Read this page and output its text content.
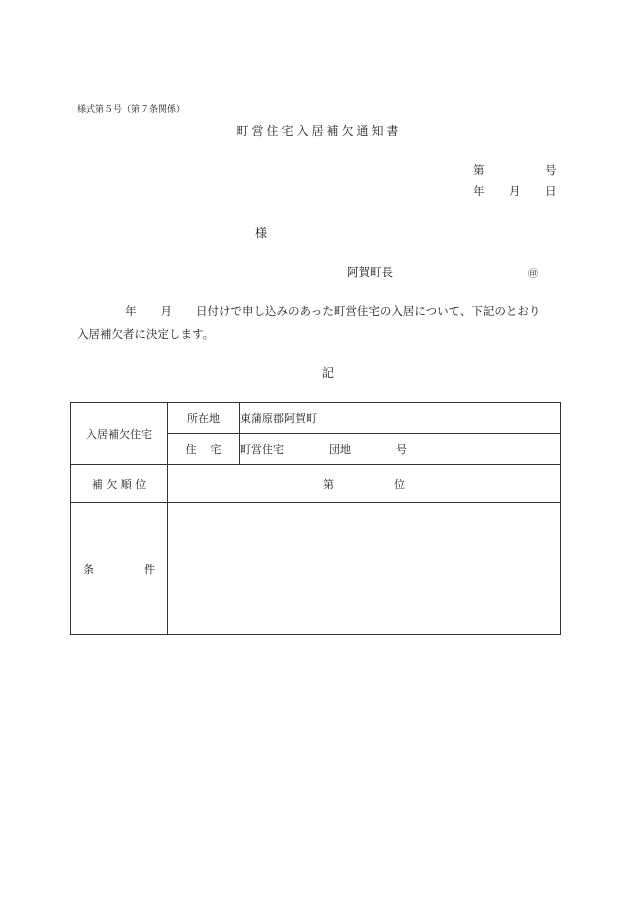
様式第５号（第７条関係）
町営住宅入居補欠通知書
第	号
年 月 日
様
阿賀町長	㊞
年 月 日付けで申し込みのあった町営住宅の入居について、下記のとおり
入居補欠者に決定します。
記
入居補欠住宅	所在地	東蒲原郡阿賀町
	住 宅	町営住宅 団地 号
補 欠 順 位	第 位	

条 件		
